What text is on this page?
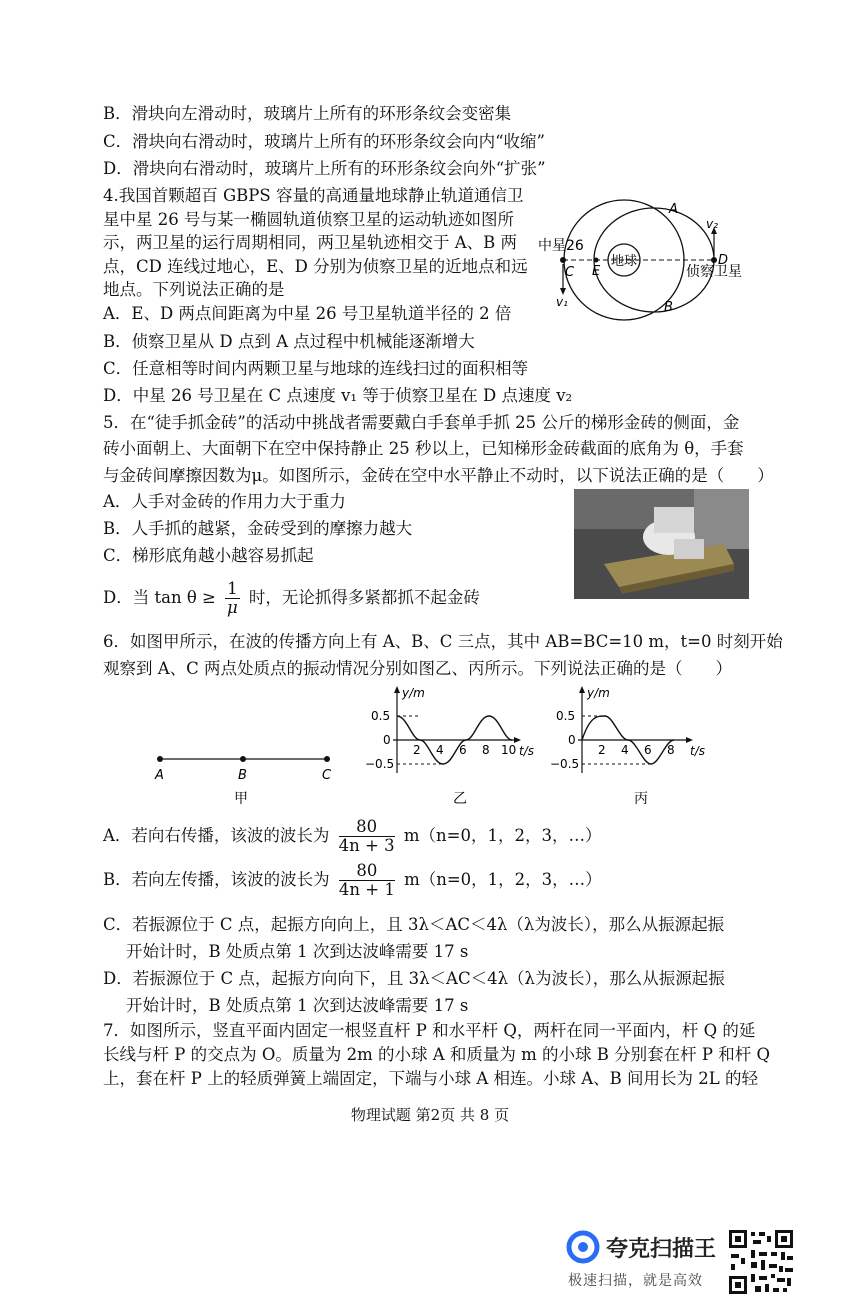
B．滑块向左滑动时，玻璃片上所有的环形条纹会变密集
C．滑块向右滑动时，玻璃片上所有的环形条纹会向内“收缩”
D．滑块向右滑动时，玻璃片上所有的环形条纹会向外“扩张”
4.我国首颗超百 GBPS 容量的高通量地球静止轨道通信卫
星中星 26 号与某一椭圆轨道侦察卫星的运动轨迹如图所
示，两卫星的运行周期相同，两卫星轨迹相交于 A、B 两
点，CD 连线过地心，E、D 分别为侦察卫星的近地点和远
地点。下列说法正确的是
A．E、D 两点间距离为中星 26 号卫星轨道半径的 2 倍
B．侦察卫星从 D 点到 A 点过程中机械能逐渐增大
C．任意相等时间内两颗卫星与地球的连线扫过的面积相等
D．中星 26 号卫星在 C 点速度 v₁ 等于侦察卫星在 D 点速度 v₂
A
B
C
D
E
v₁
v₂
中星26
地球
侦察卫星
5．在“徒手抓金砖”的活动中挑战者需要戴白手套单手抓 25 公斤的梯形金砖的侧面，金
砖小面朝上、大面朝下在空中保持静止 25 秒以上，已知梯形金砖截面的底角为 θ，手套
与金砖间摩擦因数为μ。如图所示，金砖在空中水平静止不动时，以下说法正确的是（　　）
A．人手对金砖的作用力大于重力
B．人手抓的越紧，金砖受到的摩擦力越大
C．梯形底角越小越容易抓起
D．当 $\tan \theta \ge \frac{1}{\mu}$ 时，无论抓得多紧都抓不起金砖
6．如图甲所示，在波的传播方向上有 A、B、C 三点，其中 AB=BC=10 m，t=0 时刻开始
观察到 A、C 两点处质点的振动情况分别如图乙、丙所示。下列说法正确的是（　　）
A	B	C
甲
y/m
0.5
0
−0.5
2 4 6 8 10 t/s
乙
y/m
0.5
0
−0.5
2 4 6 8 t/s
丙
A．若向右传播，该波的波长为 $\frac{80}{4n + 3} m(n=0$，1，2，3，…）
B．若向左传播，该波的波长为 $\frac{80}{4n + 1} m(n=0$，1，2，3，…）
C．若振源位于 C 点，起振方向向上，且 3λ＜AC＜4λ（λ为波长），那么从振源起振
开始计时，B 处质点第 1 次到达波峰需要 17 s
D．若振源位于 C 点，起振方向向下，且 3λ＜AC＜4λ（λ为波长），那么从振源起振
开始计时，B 处质点第 1 次到达波峰需要 17 s
7．如图所示，竖直平面内固定一根竖直杆 P 和水平杆 Q，两杆在同一平面内，杆 Q 的延
长线与杆 P 的交点为 O。质量为 2m 的小球 A 和质量为 m 的小球 B 分别套在杆 P 和杆 Q
上，套在杆 P 上的轻质弹簧上端固定，下端与小球 A 相连。小球 A、B 间用长为 2L 的轻
物理试题 第2页 共 8 页
夸克扫描王
极速扫描，就是高效
